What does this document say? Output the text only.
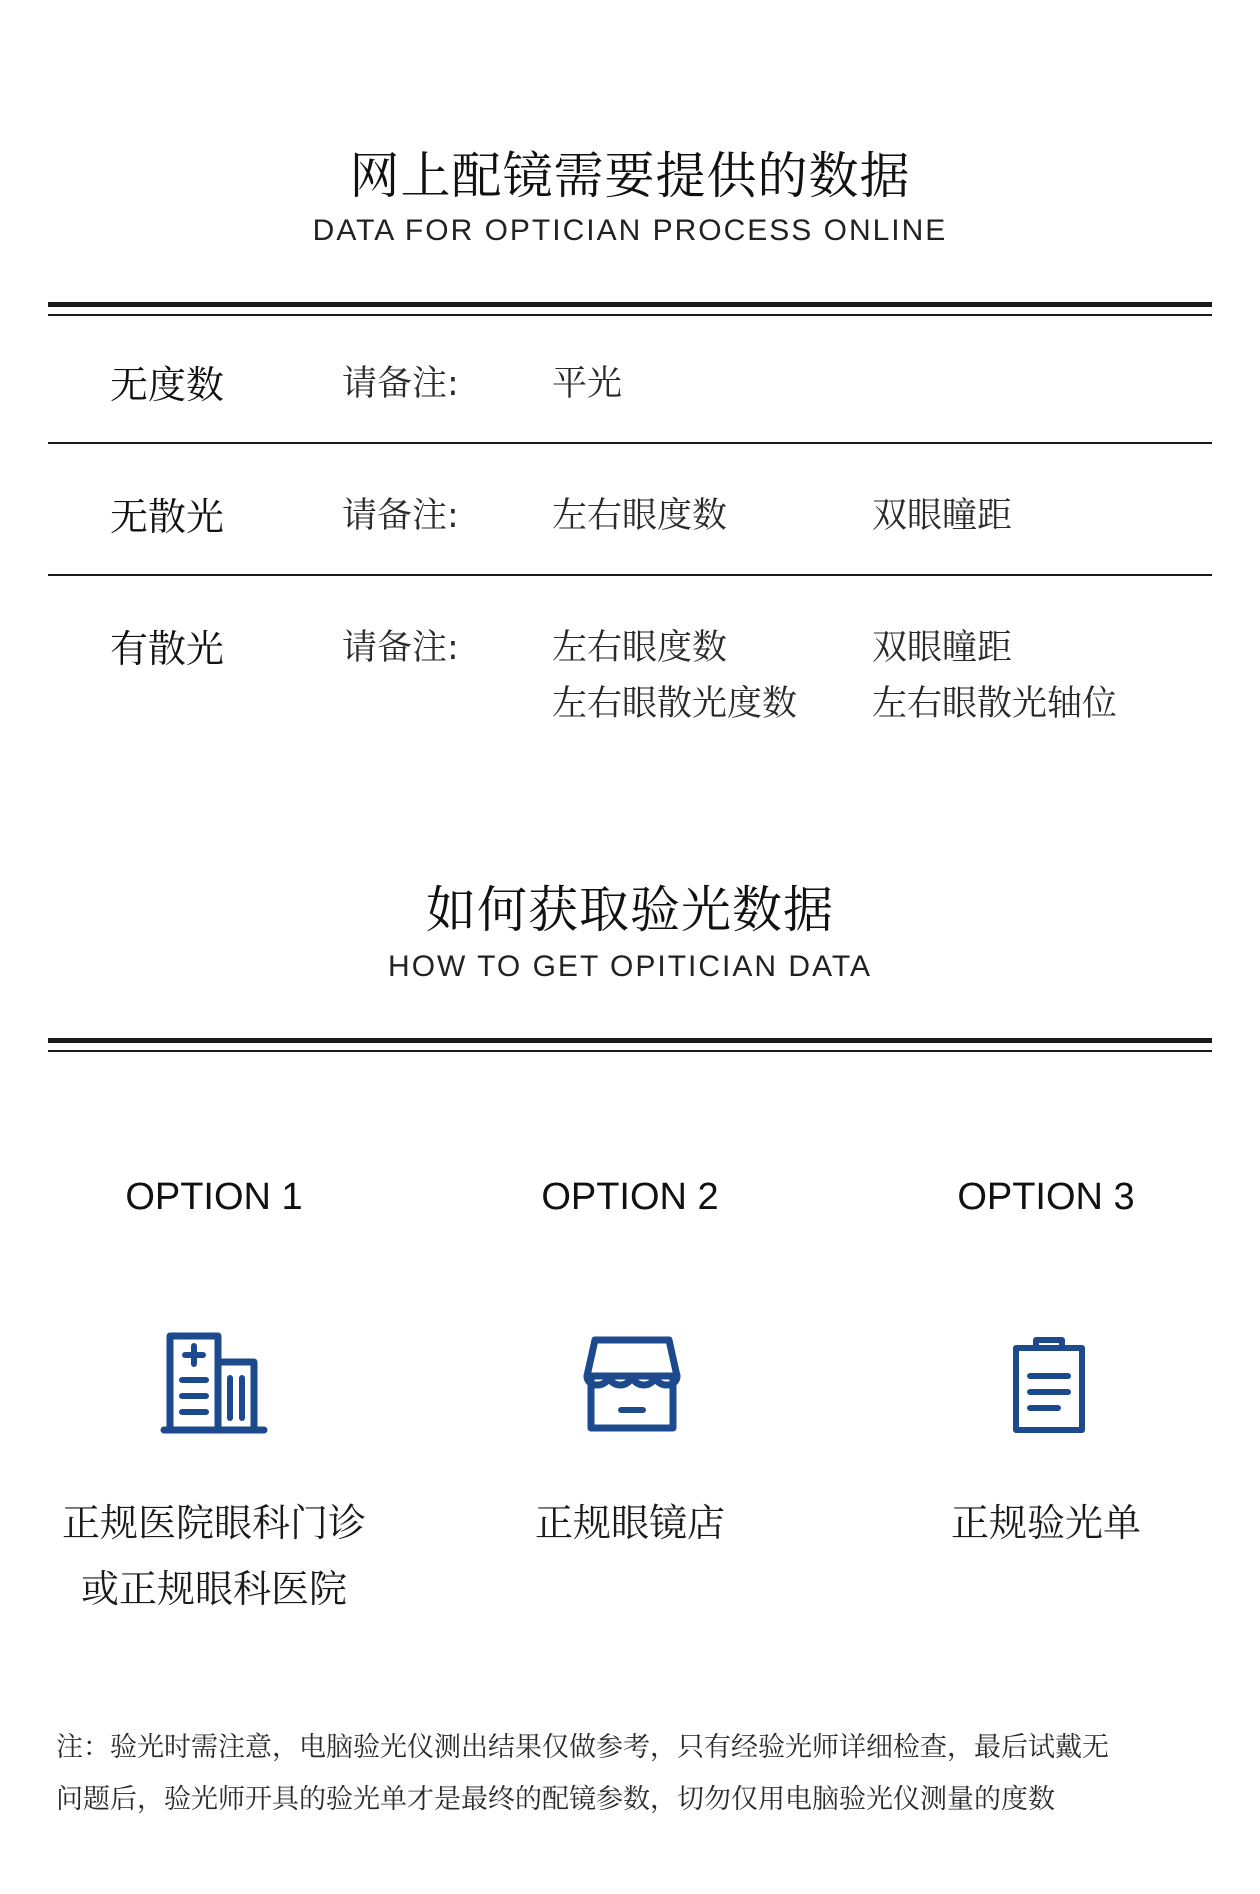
网上配镜需要提供的数据
DATA FOR OPTICIAN PROCESS ONLINE
无度数	请备注:	平光
无散光	请备注:	左右眼度数	双眼瞳距
有散光	请备注:	左右眼度数	双眼瞳距
左右眼散光度数 左右眼散光轴位
如何获取验光数据
HOW TO GET OPITICIAN DATA
OPTION 1	OPTION 2	OPTION 3
正规医院眼科门诊
或正规眼科医院
正规眼镜店	正规验光单
注：验光时需注意，电脑验光仪测出结果仅做参考，只有经验光师详细检查，最后试戴无
问题后，验光师开具的验光单才是最终的配镜参数，切勿仅用电脑验光仪测量的度数
